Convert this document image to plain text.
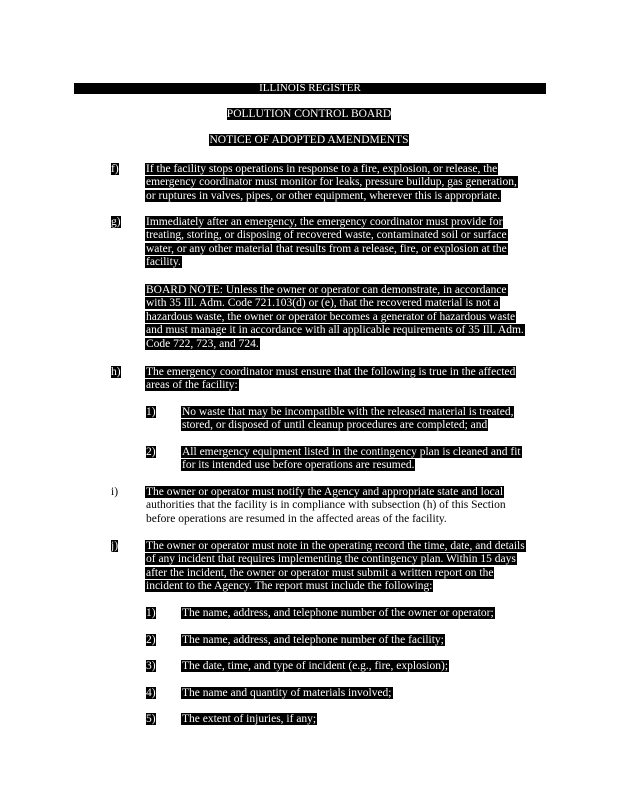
ILLINOIS REGISTER
POLLUTION CONTROL BOARD
NOTICE OF ADOPTED AMENDMENTS
f) If the facility stops operations in response to a fire, explosion, or release, the
emergency coordinator must monitor for leaks, pressure buildup, gas generation,
or ruptures in valves, pipes, or other equipment, wherever this is appropriate.
g) Immediately after an emergency, the emergency coordinator must provide for
treating, storing, or disposing of recovered waste, contaminated soil or surface
water, or any other material that results from a release, fire, or explosion at the
facility.
BOARD NOTE: Unless the owner or operator can demonstrate, in accordance
with 35 Ill. Adm. Code 721.103(d) or (e), that the recovered material is not a
hazardous waste, the owner or operator becomes a generator of hazardous waste
and must manage it in accordance with all applicable requirements of 35 Ill. Adm.
Code 722, 723, and 724.
h) The emergency coordinator must ensure that the following is true in the affected
areas of the facility:
1) No waste that may be incompatible with the released material is treated,
stored, or disposed of until cleanup procedures are completed; and
2) All emergency equipment listed in the contingency plan is cleaned and fit
for its intended use before operations are resumed.
i) The owner or operator must notify the Agency and appropriate state and local
authorities that the facility is in compliance with subsection (h) of this Section
before operations are resumed in the affected areas of the facility.
j) The owner or operator must note in the operating record the time, date, and details
of any incident that requires implementing the contingency plan. Within 15 days
after the incident, the owner or operator must submit a written report on the
incident to the Agency. The report must include the following:
1) The name, address, and telephone number of the owner or operator;
2) The name, address, and telephone number of the facility;
3) The date, time, and type of incident (e.g., fire, explosion);
4) The name and quantity of materials involved;
5) The extent of injuries, if any;
